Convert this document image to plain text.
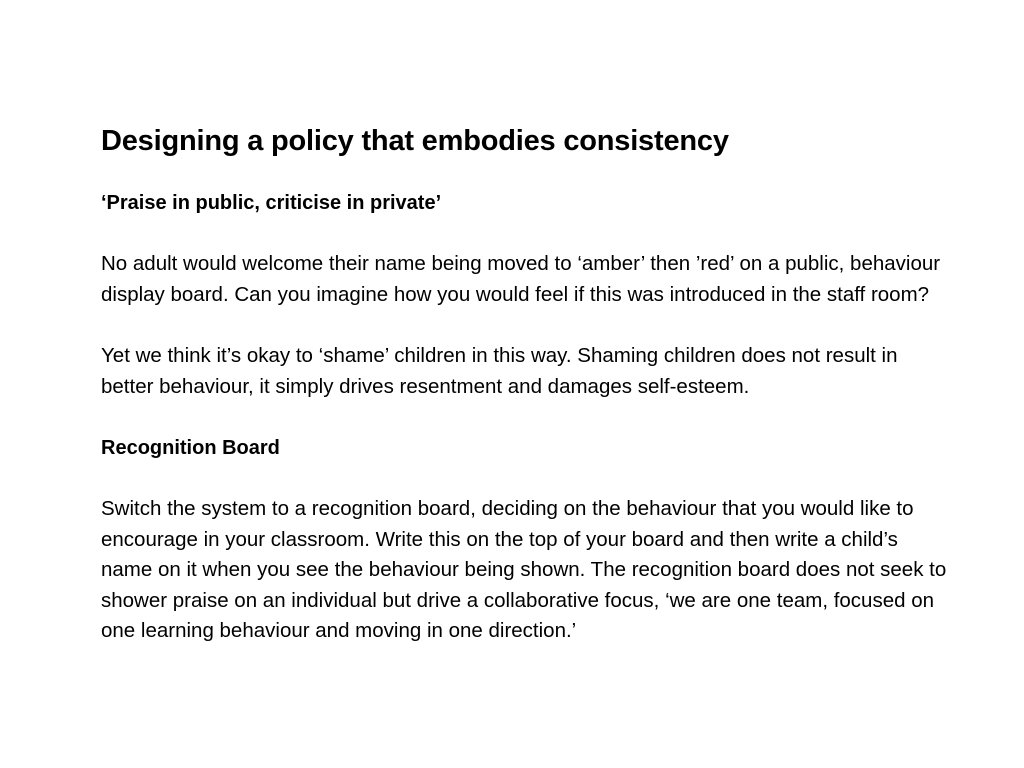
Designing a policy that embodies consistency

‘Praise in public, criticise in private’

No adult would welcome their name being moved to ‘amber’ then ’red’ on a public, behaviour display board. Can you imagine how you would feel if this was introduced in the staff room?

Yet we think it’s okay to ‘shame’ children in this way. Shaming children does not result in better behaviour, it simply drives resentment and damages self-esteem.

Recognition Board

Switch the system to a recognition board, deciding on the behaviour that you would like to encourage in your classroom. Write this on the top of your board and then write a child’s name on it when you see the behaviour being shown. The recognition board does not seek to shower praise on an individual but drive a collaborative focus, ‘we are one team, focused on one learning behaviour and moving in one direction.’
